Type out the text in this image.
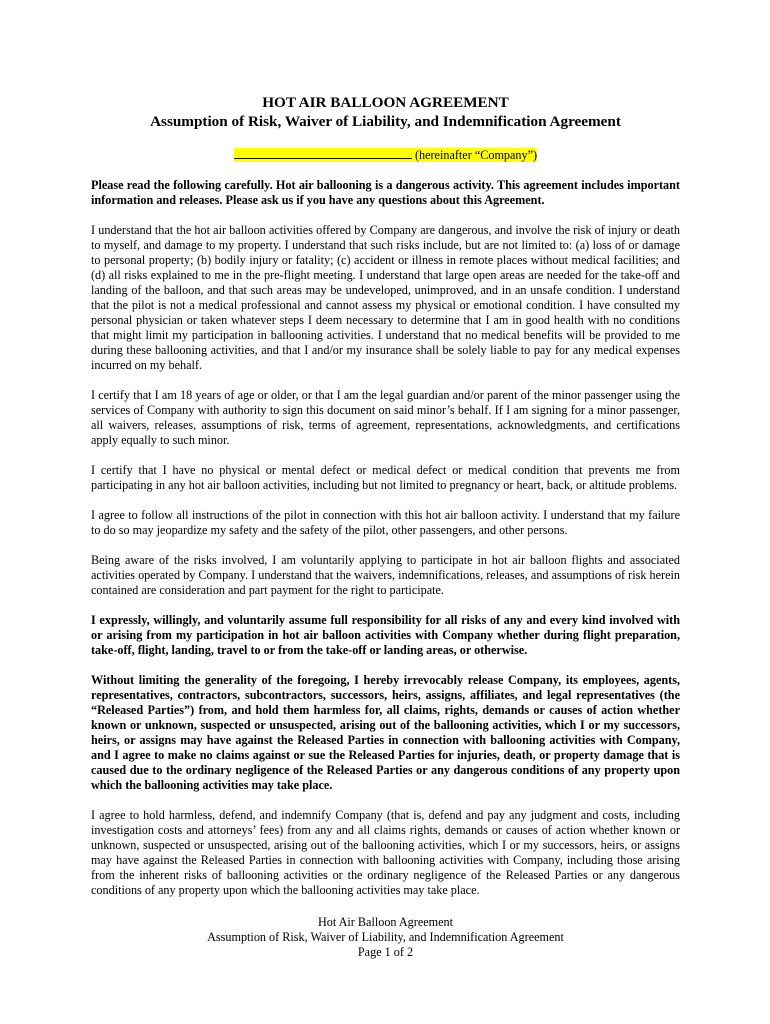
HOT AIR BALLOON AGREEMENT
Assumption of Risk, Waiver of Liability, and Indemnification Agreement
(hereinafter “Company”)

Please read the following carefully. Hot air ballooning is a dangerous activity. This agreement includes important information and releases. Please ask us if you have any questions about this Agreement.

I understand that the hot air balloon activities offered by Company are dangerous, and involve the risk of injury or death to myself, and damage to my property. I understand that such risks include, but are not limited to: (a) loss of or damage to personal property; (b) bodily injury or fatality; (c) accident or illness in remote places without medical facilities; and (d) all risks explained to me in the pre-flight meeting. I understand that large open areas are needed for the take-off and landing of the balloon, and that such areas may be undeveloped, unimproved, and in an unsafe condition. I understand that the pilot is not a medical professional and cannot assess my physical or emotional condition. I have consulted my personal physician or taken whatever steps I deem necessary to determine that I am in good health with no conditions that might limit my participation in ballooning activities. I understand that no medical benefits will be provided to me during these ballooning activities, and that I and/or my insurance shall be solely liable to pay for any medical expenses incurred on my behalf.

I certify that I am 18 years of age or older, or that I am the legal guardian and/or parent of the minor passenger using the services of Company with authority to sign this document on said minor’s behalf. If I am signing for a minor passenger, all waivers, releases, assumptions of risk, terms of agreement, representations, acknowledgments, and certifications apply equally to such minor.

I certify that I have no physical or mental defect or medical defect or medical condition that prevents me from participating in any hot air balloon activities, including but not limited to pregnancy or heart, back, or altitude problems.

I agree to follow all instructions of the pilot in connection with this hot air balloon activity. I understand that my failure to do so may jeopardize my safety and the safety of the pilot, other passengers, and other persons.

Being aware of the risks involved, I am voluntarily applying to participate in hot air balloon flights and associated activities operated by Company. I understand that the waivers, indemnifications, releases, and assumptions of risk herein contained are consideration and part payment for the right to participate.

I expressly, willingly, and voluntarily assume full responsibility for all risks of any and every kind involved with or arising from my participation in hot air balloon activities with Company whether during flight preparation, take-off, flight, landing, travel to or from the take-off or landing areas, or otherwise.

Without limiting the generality of the foregoing, I hereby irrevocably release Company, its employees, agents, representatives, contractors, subcontractors, successors, heirs, assigns, affiliates, and legal representatives (the “Released Parties”) from, and hold them harmless for, all claims, rights, demands or causes of action whether known or unknown, suspected or unsuspected, arising out of the ballooning activities, which I or my successors, heirs, or assigns may have against the Released Parties in connection with ballooning activities with Company, and I agree to make no claims against or sue the Released Parties for injuries, death, or property damage that is caused due to the ordinary negligence of the Released Parties or any dangerous conditions of any property upon which the ballooning activities may take place.

I agree to hold harmless, defend, and indemnify Company (that is, defend and pay any judgment and costs, including investigation costs and attorneys’ fees) from any and all claims rights, demands or causes of action whether known or unknown, suspected or unsuspected, arising out of the ballooning activities, which I or my successors, heirs, or assigns may have against the Released Parties in connection with ballooning activities with Company, including those arising from the inherent risks of ballooning activities or the ordinary negligence of the Released Parties or any dangerous conditions of any property upon which the ballooning activities may take place.

Hot Air Balloon Agreement
Assumption of Risk, Waiver of Liability, and Indemnification Agreement
Page 1 of 2
